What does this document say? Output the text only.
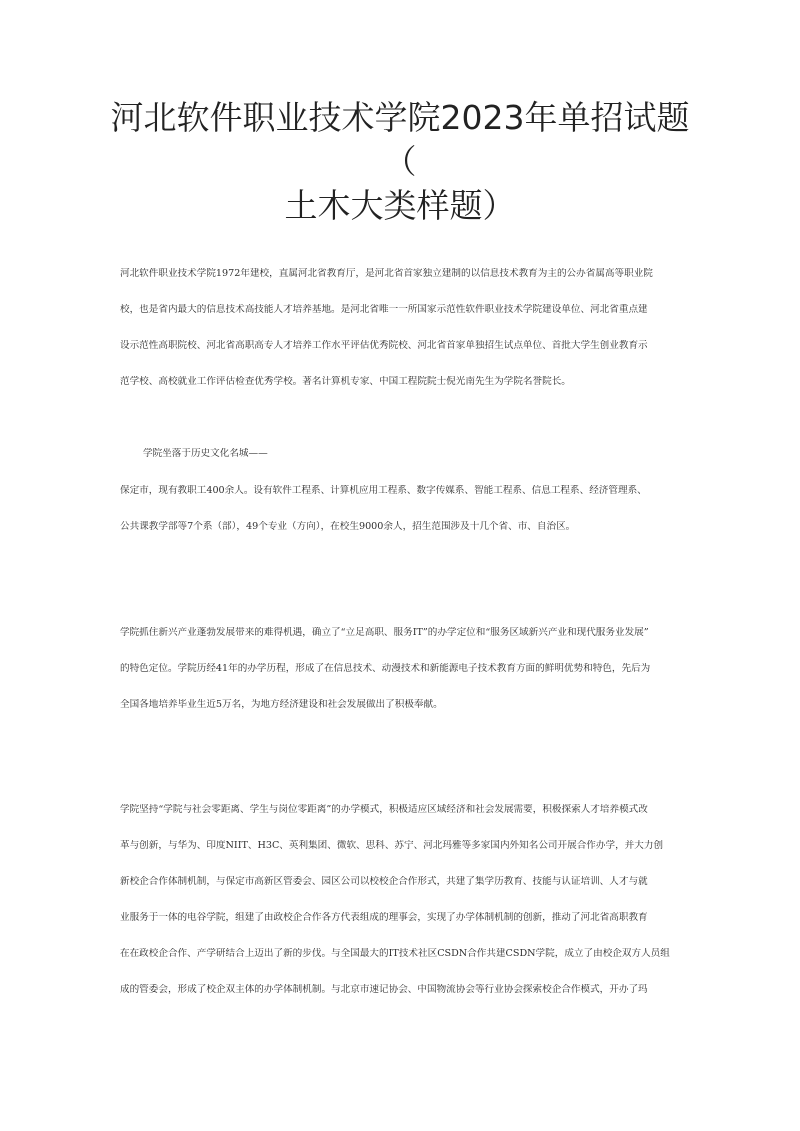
河北软件职业技术学院2023年单招试题（
土木大类样题）
河北软件职业技术学院1972年建校，直属河北省教育厅，是河北省首家独立建制的以信息技术教育为主的公办省属高等职业院
校，也是省内最大的信息技术高技能人才培养基地。是河北省唯一一所国家示范性软件职业技术学院建设单位、河北省重点建
设示范性高职院校、河北省高职高专人才培养工作水平评估优秀院校、河北省首家单独招生试点单位、首批大学生创业教育示
范学校、高校就业工作评估检查优秀学校。著名计算机专家、中国工程院院士倪光南先生为学院名誉院长。
学院坐落于历史文化名城——
保定市，现有教职工400余人。设有软件工程系、计算机应用工程系、数字传媒系、智能工程系、信息工程系、经济管理系、
公共课教学部等7个系（部），49个专业（方向），在校生9000余人，招生范围涉及十几个省、市、自治区。
学院抓住新兴产业蓬勃发展带来的难得机遇，确立了“立足高职、服务IT”的办学定位和“服务区域新兴产业和现代服务业发展”
的特色定位。学院历经41年的办学历程，形成了在信息技术、动漫技术和新能源电子技术教育方面的鲜明优势和特色，先后为
全国各地培养毕业生近5万名，为地方经济建设和社会发展做出了积极奉献。
学院坚持“学院与社会零距离、学生与岗位零距离”的办学模式，积极适应区域经济和社会发展需要，积极探索人才培养模式改
革与创新，与华为、印度NIIT、H3C、英利集团、微软、思科、苏宁、河北玛雅等多家国内外知名公司开展合作办学，并大力创
新校企合作体制机制，与保定市高新区管委会、园区公司以校校企合作形式，共建了集学历教育、技能与认证培训、人才与就
业服务于一体的电谷学院，组建了由政校企合作各方代表组成的理事会，实现了办学体制机制的创新，推动了河北省高职教育
在在政校企合作、产学研结合上迈出了新的步伐。与全国最大的IT技术社区CSDN合作共建CSDN学院，成立了由校企双方人员组
成的管委会，形成了校企双主体的办学体制机制。与北京市速记协会、中国物流协会等行业协会探索校企合作模式，开办了玛
